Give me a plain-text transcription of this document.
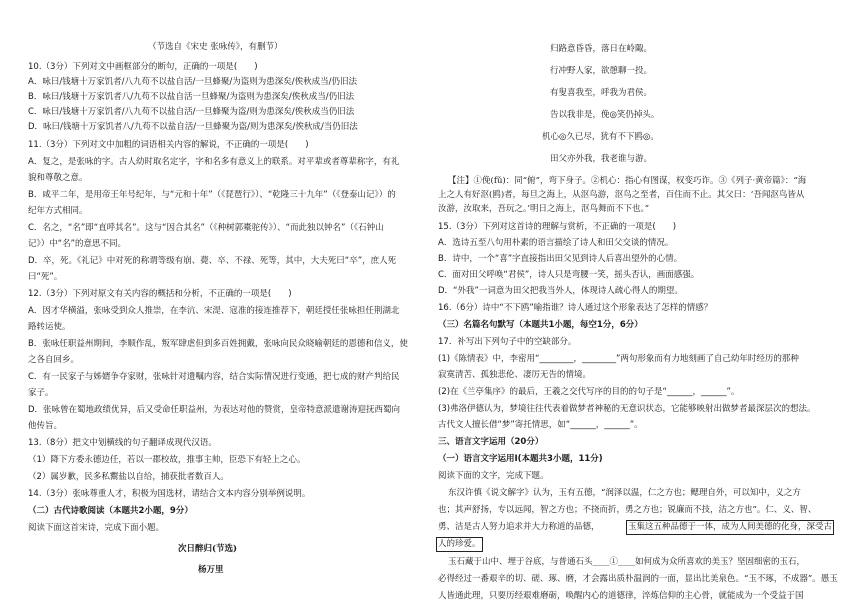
（节选自《宋史 张咏传》，有删节）
10.（3分）下列对文中画框部分的断句，正确的一项是(　　)
A．咏曰/钱塘十万家饥者/八九苟不以盐自活/一旦蜂聚/为盗则为患深矣/俟秋成当/仍旧法
B．咏曰/钱塘十万家饥者八/九苟不以盐自活一旦蜂聚/为盗则为患深矣/俟秋成当/仍旧法
C．咏曰/钱塘十万家饥者/八九苟不以盐自活/一旦蜂聚为盗/则为患深矣/俟秋成当仍旧法
D．咏曰/钱塘十万家饥者八/九苟不以盐自活/一旦蜂聚为盗/则为患深矣/俟秋成/当仍旧法
11.（3分）下列对文中加粗的词语相关内容的解说，不正确的一项是(　　)
A．复之，是张咏的字。古人幼时取名定字，字和名多有意义上的联系。对平辈或者尊辈称字，有礼
貌和尊敬之意。
B．咸平二年，是用帝王年号纪年，与“元和十年”（《琵琶行》）、“乾隆三十九年”（《登泰山记》）的
纪年方式相同。
C．名之，“名”即“直呼其名”。这与“因合其名”（《种树郭橐驼传》）、“而此独以钟名”（《石钟山
记》）中“名”的意思不同。
D．卒，死。《礼记》中对死的称谓等级有崩、薨、卒、不禄、死等，其中，大夫死曰“卒”，庶人死
曰“死”。
12.（3分）下列对原文有关内容的概括和分析，不正确的一项是(　　)
A．因才华横溢，张咏受到众人推崇，在李沆、宋湜、寇准的接连推荐下，朝廷授任张咏担任荆湖北
路转运使。
B．张咏任职益州期间，李顺作乱，叛军肆虐但到多百姓拥戴，张咏向民众晓喻朝廷的恩德和信义，使
之各自回乡。
C．有一民家子与姊婿争夺家财，张咏针对遗嘱内容，结合实际情况进行变通，把七成的财产判给民
家子。
D．张咏曾在蜀地政绩优异，后又受命任职益州，为表达对他的赞赏，皇帝特意派遣谢涛迎抚西蜀向
他传旨。
13.（8分）把文中划横线的句子翻译成现代汉语。
（1）降下方委永德边任，若以一郡校故，推事主帅，臣恐下有轻上之心。
（2）属岁歉，民多私鬻盐以自给，捕获批者数百人。
14.（3分）张咏尊重人才，积极为国选材，请结合文本内容分别举例说明。
（二）古代诗歌阅读（本题共2小题，9分）
阅读下面这首宋诗，完成下面小题。
次日醉归(节选)
杨万里
归路意昏昏，落日在岭陬。
行冲野人家，欲憩聊一投。
有叟喜我至，呼我为君侯。
告以我非是，俛◎笑仍掉头。
机心◎久已尽，犹有不下鸥◎。
田父亦外我，我老谁与游。
【注】①俛(fǔ)：同“俯”，弯下身子。②机心：指心有图谋，权变巧诈。③《列子·黄帝篇》：“海
上之人有好沤(鸥)者，每旦之海上，从沤鸟游，沤鸟之至者，百住而不止。其父曰：‘吾闻沤鸟皆从
汝游，汝取来，吾玩之。’明日之海上，沤鸟舞而不下也。”
15.（3分）下列对这首诗的理解与赏析，不正确的一项是(　　)
A．选诗五至八句用朴素的语言描绘了诗人和田父交谈的情况。
B．诗中，一个“喜”字直接指出田父见到诗人后喜出望外的心情。
C．面对田父呼唤“君侯”，诗人只是弯腰一笑，摇头否认，画面感强。
D．“外我”一词意为田父把我当外人，体现诗人疏心得人的期望。
16.（6分）诗中“不下鸥”喻指谁？诗人通过这个形象表达了怎样的情感？
（三）名篇名句默写（本题共1小题，每空1分，6分）
17．补写出下列句子中的空缺部分。
(1)《陈情表》中，李密用“________，________”两句形象而有力地刻画了自己幼年时经历的那种
寂寞清苦、孤独悲伦、凄厉无告的情境。
(2)在《兰亭集序》的最后，王羲之交代写序的目的的句子是“______，______”。
(3)弗洛伊德认为，梦境往往代表着做梦者神秘的无意识状态，它能够映射出做梦者最深层次的想法。
古代文人擅长借“梦”寄托情思，如“______，______”。
三、语言文字运用（20分）
（一）语言文字运用Ⅰ(本题共3小题，11分)
阅读下面的文字，完成下题。
东汉许慎《说文解字》认为，玉有五德，“润泽以温，仁之方也；鳃理自外，可以知中，义之方
也；其声舒扬，专以远闻，智之方也；不挠而折，勇之方也；锐廉而不技，洁之方也”。仁、义、智、
勇、洁是古人努力追求并大力称道的品德，	玉集这五种品德于一体，成为人间美德的化身，深受古
人的珍爱。
玉石藏于山中、埋于谷底，与普通石头____①____如何成为众所喜欢的美玉？坚固细密的玉石，
必得经过一番艰辛的切、磋、琢、磨，才会露出质朴温润的一面，显出比美泉色。“玉不琢，不成器”。愚玉
人皆通此理，只要历经艰难磨砺，唤醒内心的道德律，淬炼信仰的主心骨，就能成为一个受益于国
